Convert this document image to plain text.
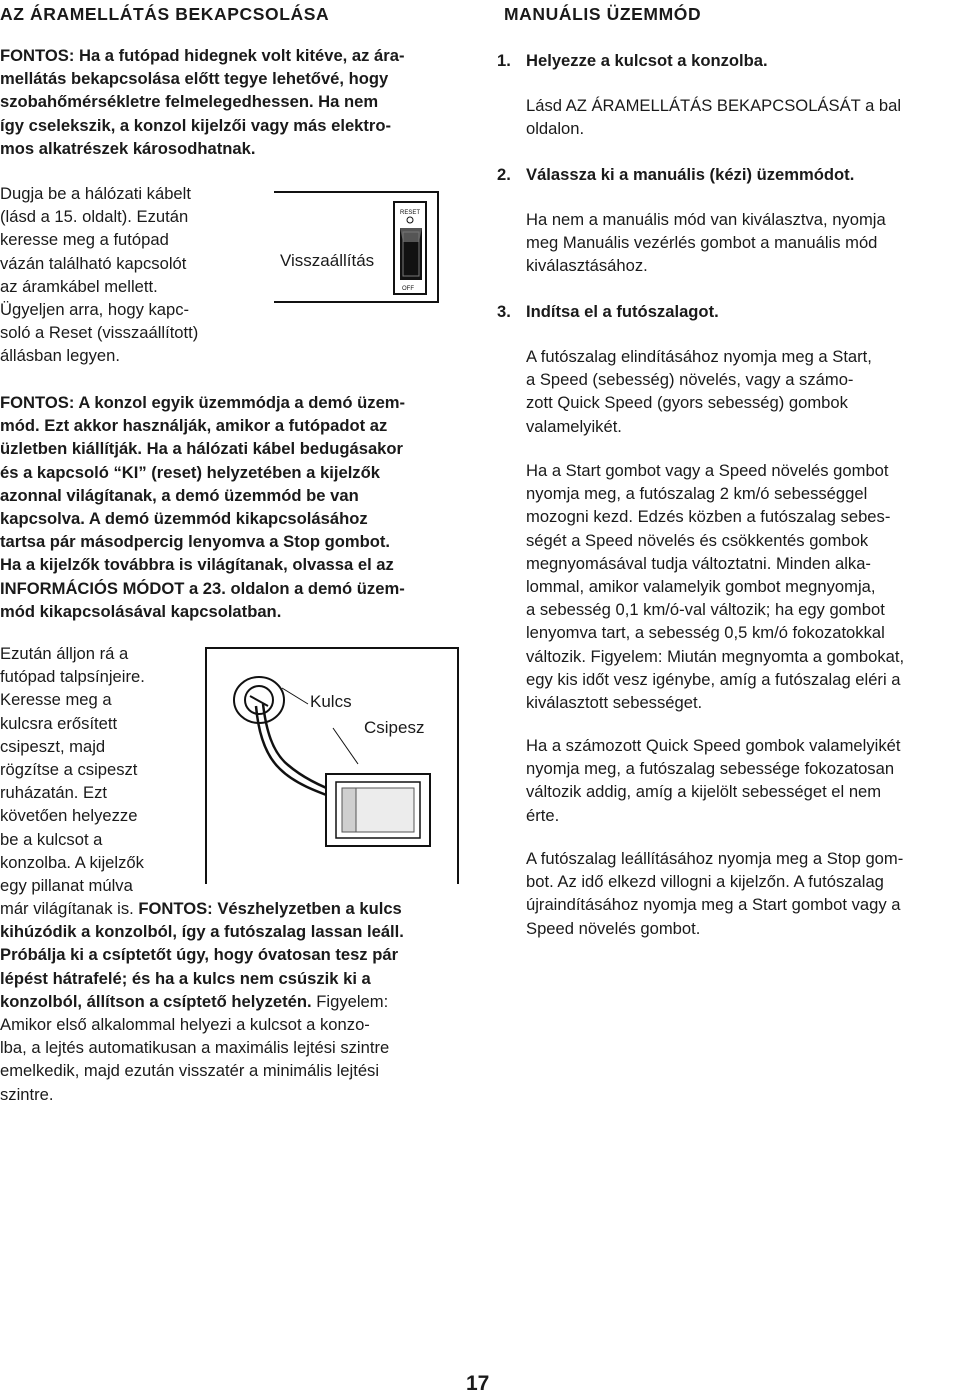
AZ ÁRAMELLÁTÁS BEKAPCSOLÁSA

FONTOS: Ha a futópad hidegnek volt kitéve, az ára-
mellátás bekapcsolása előtt tegye lehetővé, hogy
szobahőmérsékletre felmelegedhessen. Ha nem
így cselekszik, a konzol kijelzői vagy más elektro-
mos alkatrészek károsodhatnak.

Dugja be a hálózati kábelt
(lásd a 15. oldalt). Ezután
keresse meg a futópad
vázán található kapcsolót
az áramkábel mellett.
Ügyeljen arra, hogy kapc-
soló a Reset (visszaállított)
állásban legyen.

RESET
OFF
Visszaállítás

FONTOS: A konzol egyik üzemmódja a demó üzem-
mód. Ezt akkor használják, amikor a futópadot az
üzletben kiállítják. Ha a hálózati kábel bedugásakor
és a kapcsoló “KI” (reset) helyzetében a kijelzők
azonnal világítanak, a demó üzemmód be van
kapcsolva. A demó üzemmód kikapcsolásához
tartsa pár másodpercig lenyomva a Stop gombot.
Ha a kijelzők továbbra is világítanak, olvassa el az
INFORMÁCIÓS MÓDOT a 23. oldalon a demó üzem-
mód kikapcsolásával kapcsolatban.

Ezután álljon rá a
futópad talpsínjeire.
Keresse meg a
kulcsra erősített
csipeszt, majd
rögzítse a csipeszt
ruházatán. Ezt
követően helyezze
be a kulcsot a
konzolba. A kijelzők
egy pillanat múlva

Kulcs
Csipesz

már világítanak is. FONTOS: Vészhelyzetben a kulcs
kihúzódik a konzolból, így a futószalag lassan leáll.
Próbálja ki a csíptetőt úgy, hogy óvatosan tesz pár
lépést hátrafelé; és ha a kulcs nem csúszik ki a
konzolból, állítson a csíptető helyzetén. Figyelem:
Amikor első alkalommal helyezi a kulcsot a konzo-
lba, a lejtés automatikusan a maximális lejtési szintre
emelkedik, majd ezután visszatér a minimális lejtési
szintre.

MANUÁLIS ÜZEMMÓD
1. Helyezze a kulcsot a konzolba.

Lásd AZ ÁRAMELLÁTÁS BEKAPCSOLÁSÁT a bal
oldalon.

2. Válassza ki a manuális (kézi) üzemmódot.

Ha nem a manuális mód van kiválasztva, nyomja
meg Manuális vezérlés gombot a manuális mód
kiválasztásához.

3. Indítsa el a futószalagot.

A futószalag elindításához nyomja meg a Start,
a Speed (sebesség) növelés, vagy a számo-
zott Quick Speed (gyors sebesség) gombok
valamelyikét.

Ha a Start gombot vagy a Speed növelés gombot
nyomja meg, a futószalag 2 km/ó sebességgel
mozogni kezd. Edzés közben a futószalag sebes-
ségét a Speed növelés és csökkentés gombok
megnyomásával tudja változtatni. Minden alka-
lommal, amikor valamelyik gombot megnyomja,
a sebesség 0,1 km/ó-val változik; ha egy gombot
lenyomva tart, a sebesség 0,5 km/ó fokozatokkal
változik. Figyelem: Miután megnyomta a gombokat,
egy kis időt vesz igénybe, amíg a futószalag eléri a
kiválasztott sebességet.

Ha a számozott Quick Speed gombok valamelyikét
nyomja meg, a futószalag sebessége fokozatosan
változik addig, amíg a kijelölt sebességet el nem
érte.

A futószalag leállításához nyomja meg a Stop gom-
bot. Az idő elkezd villogni a kijelzőn. A futószalag
újraindításához nyomja meg a Start gombot vagy a
Speed növelés gombot.

17
